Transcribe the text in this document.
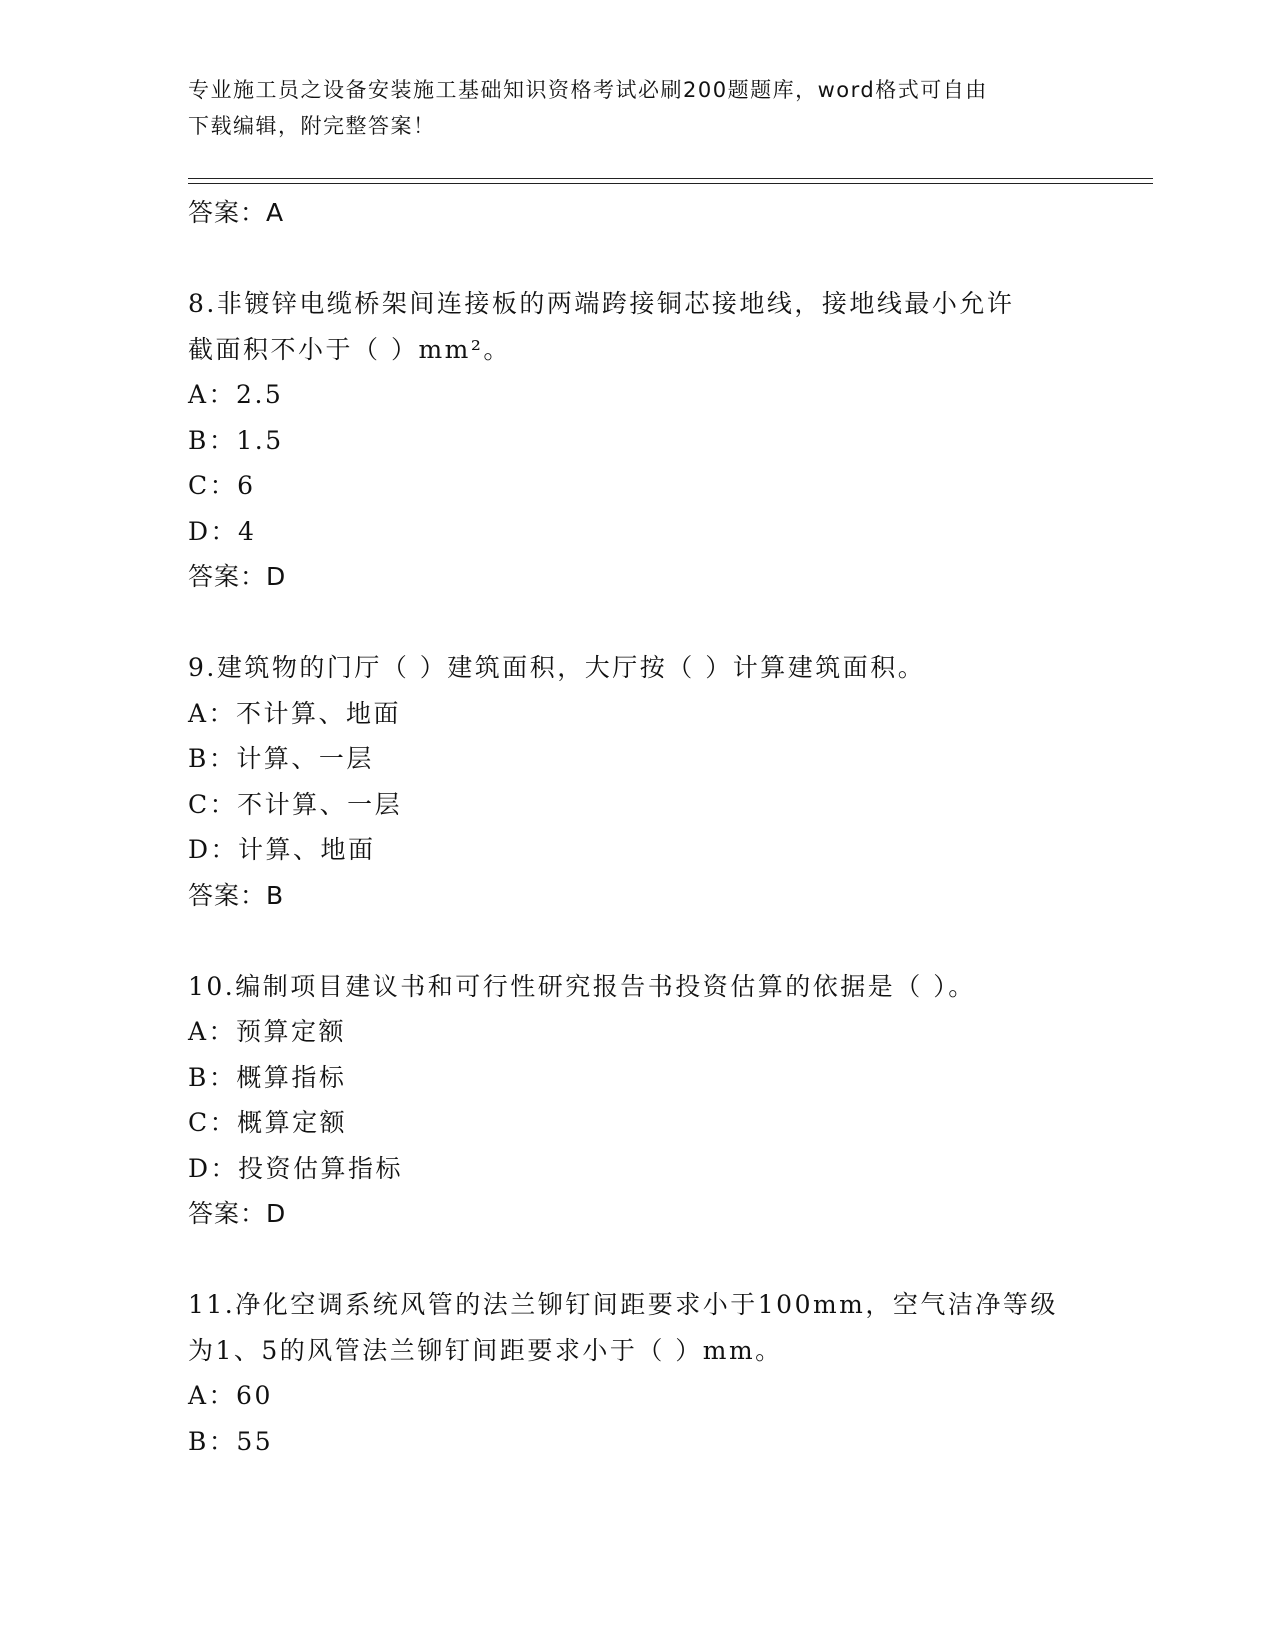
专业施工员之设备安装施工基础知识资格考试必刷200题题库，word格式可自由
下载编辑，附完整答案！
答案：A
8.非镀锌电缆桥架间连接板的两端跨接铜芯接地线，接地线最小允许
截面积不小于（ ）mm²。
A：2.5
B：1.5
C：6
D：4
答案：D
9.建筑物的门厅（ ）建筑面积，大厅按（ ）计算建筑面积。
A：不计算、地面
B：计算、一层
C：不计算、一层
D：计算、地面
答案：B
10.编制项目建议书和可行性研究报告书投资估算的依据是（ ）。
A：预算定额
B：概算指标
C：概算定额
D：投资估算指标
答案：D
11.净化空调系统风管的法兰铆钉间距要求小于100mm，空气洁净等级
为1、5的风管法兰铆钉间距要求小于（ ）mm。
A：60
B：55
